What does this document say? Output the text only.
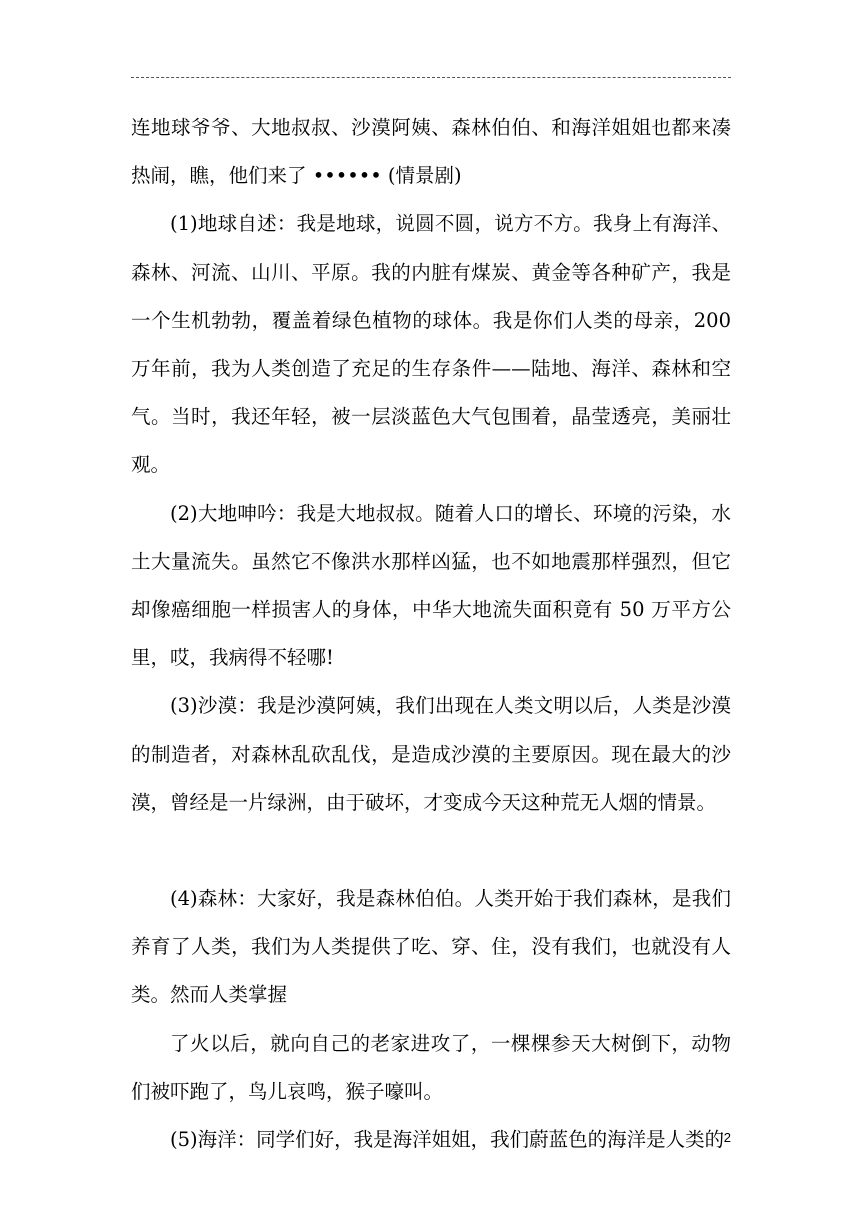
连地球爷爷、大地叔叔、沙漠阿姨、森林伯伯、和海洋姐姐也都来凑热闹，瞧，他们来了 •••••• (情景剧)

(1)地球自述：我是地球，说圆不圆，说方不方。我身上有海洋、森林、河流、山川、平原。我的内脏有煤炭、黄金等各种矿产，我是一个生机勃勃，覆盖着绿色植物的球体。我是你们人类的母亲，200万年前，我为人类创造了充足的生存条件——陆地、海洋、森林和空气。当时，我还年轻，被一层淡蓝色大气包围着，晶莹透亮，美丽壮观。

(2)大地呻吟：我是大地叔叔。随着人口的增长、环境的污染，水土大量流失。虽然它不像洪水那样凶猛，也不如地震那样强烈，但它却像癌细胞一样损害人的身体，中华大地流失面积竟有 50 万平方公里，哎，我病得不轻哪!

(3)沙漠：我是沙漠阿姨，我们出现在人类文明以后，人类是沙漠的制造者，对森林乱砍乱伐，是造成沙漠的主要原因。现在最大的沙漠，曾经是一片绿洲，由于破坏，才变成今天这种荒无人烟的情景。

(4)森林：大家好，我是森林伯伯。人类开始于我们森林，是我们养育了人类，我们为人类提供了吃、穿、住，没有我们，也就没有人类。然而人类掌握

了火以后，就向自己的老家进攻了，一棵棵参天大树倒下，动物们被吓跑了，鸟儿哀鸣，猴子嚎叫。

(5)海洋：同学们好，我是海洋姐姐，我们蔚蓝色的海洋是人类的 2
